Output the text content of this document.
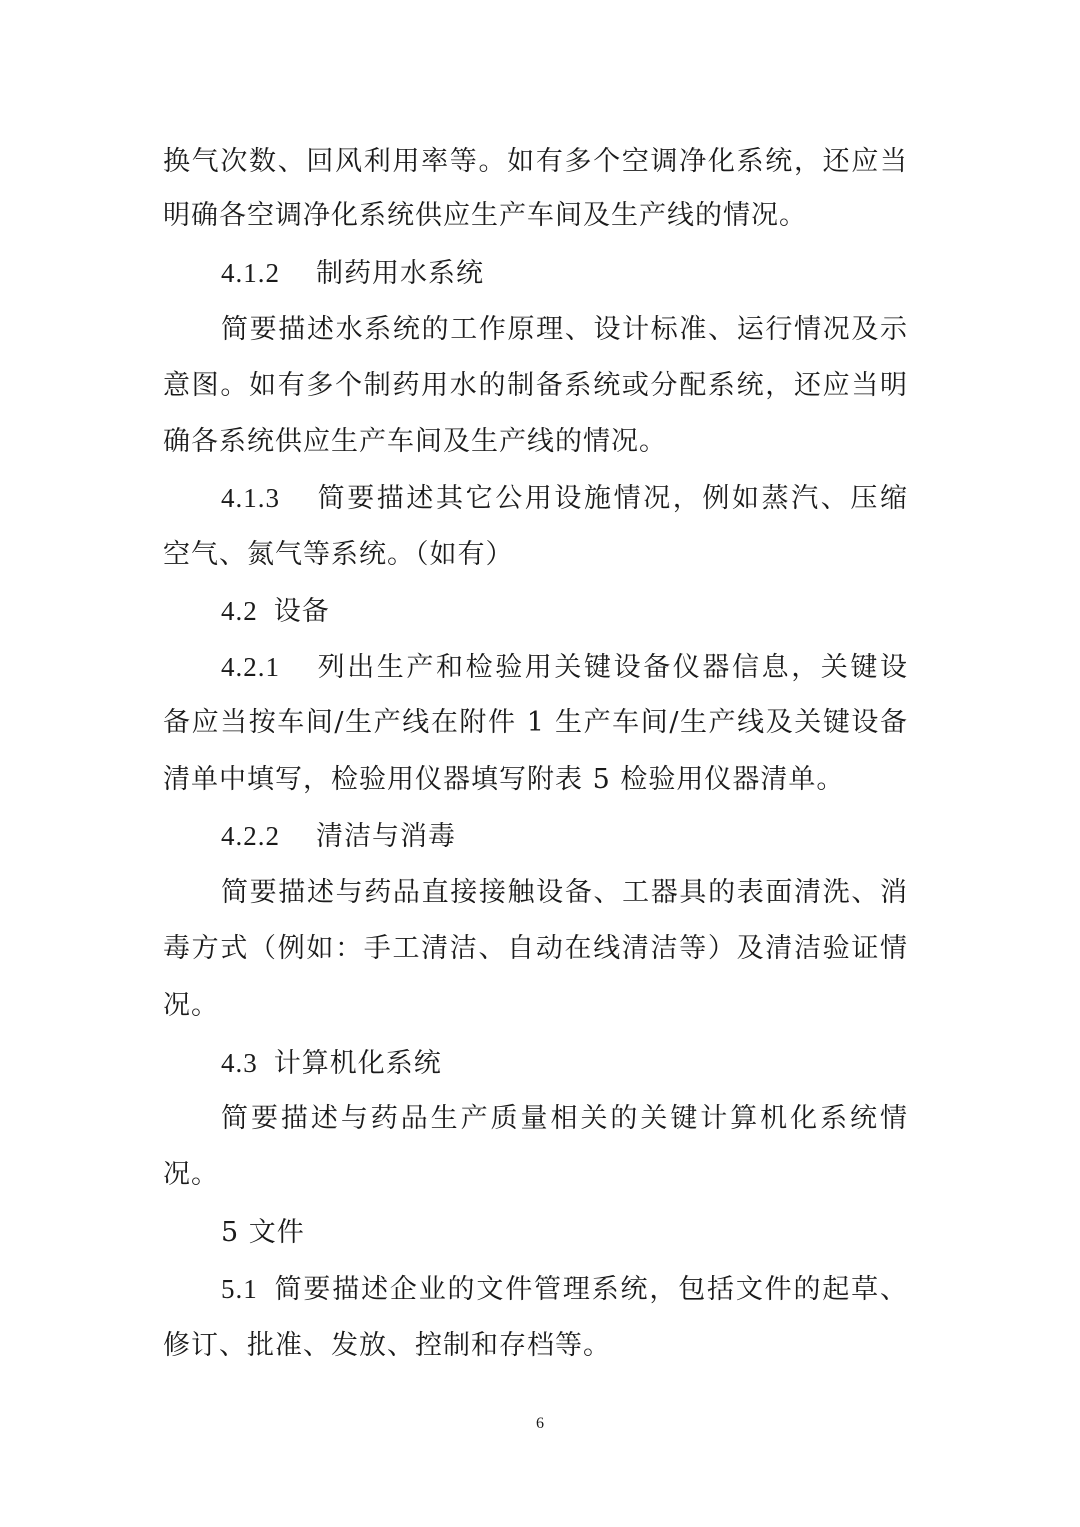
换气次数、回风利用率等。如有多个空调净化系统，还应当
明确各空调净化系统供应生产车间及生产线的情况。
4.1.2 制药用水系统
简要描述水系统的工作原理、设计标准、运行情况及示
意图。如有多个制药用水的制备系统或分配系统，还应当明
确各系统供应生产车间及生产线的情况。
4.1.3 简要描述其它公用设施情况，例如蒸汽、压缩
空气、氮气等系统。（如有）
4.2 设备
4.2.1 列出生产和检验用关键设备仪器信息，关键设
备应当按车间/生产线在附件 1 生产车间/生产线及关键设备
清单中填写，检验用仪器填写附表 5 检验用仪器清单。
4.2.2 清洁与消毒
简要描述与药品直接接触设备、工器具的表面清洗、消
毒方式（例如：手工清洁、自动在线清洁等）及清洁验证情
况。
4.3 计算机化系统
简要描述与药品生产质量相关的关键计算机化系统情
况。
5 文件
5.1 简要描述企业的文件管理系统，包括文件的起草、
修订、批准、发放、控制和存档等。
6
